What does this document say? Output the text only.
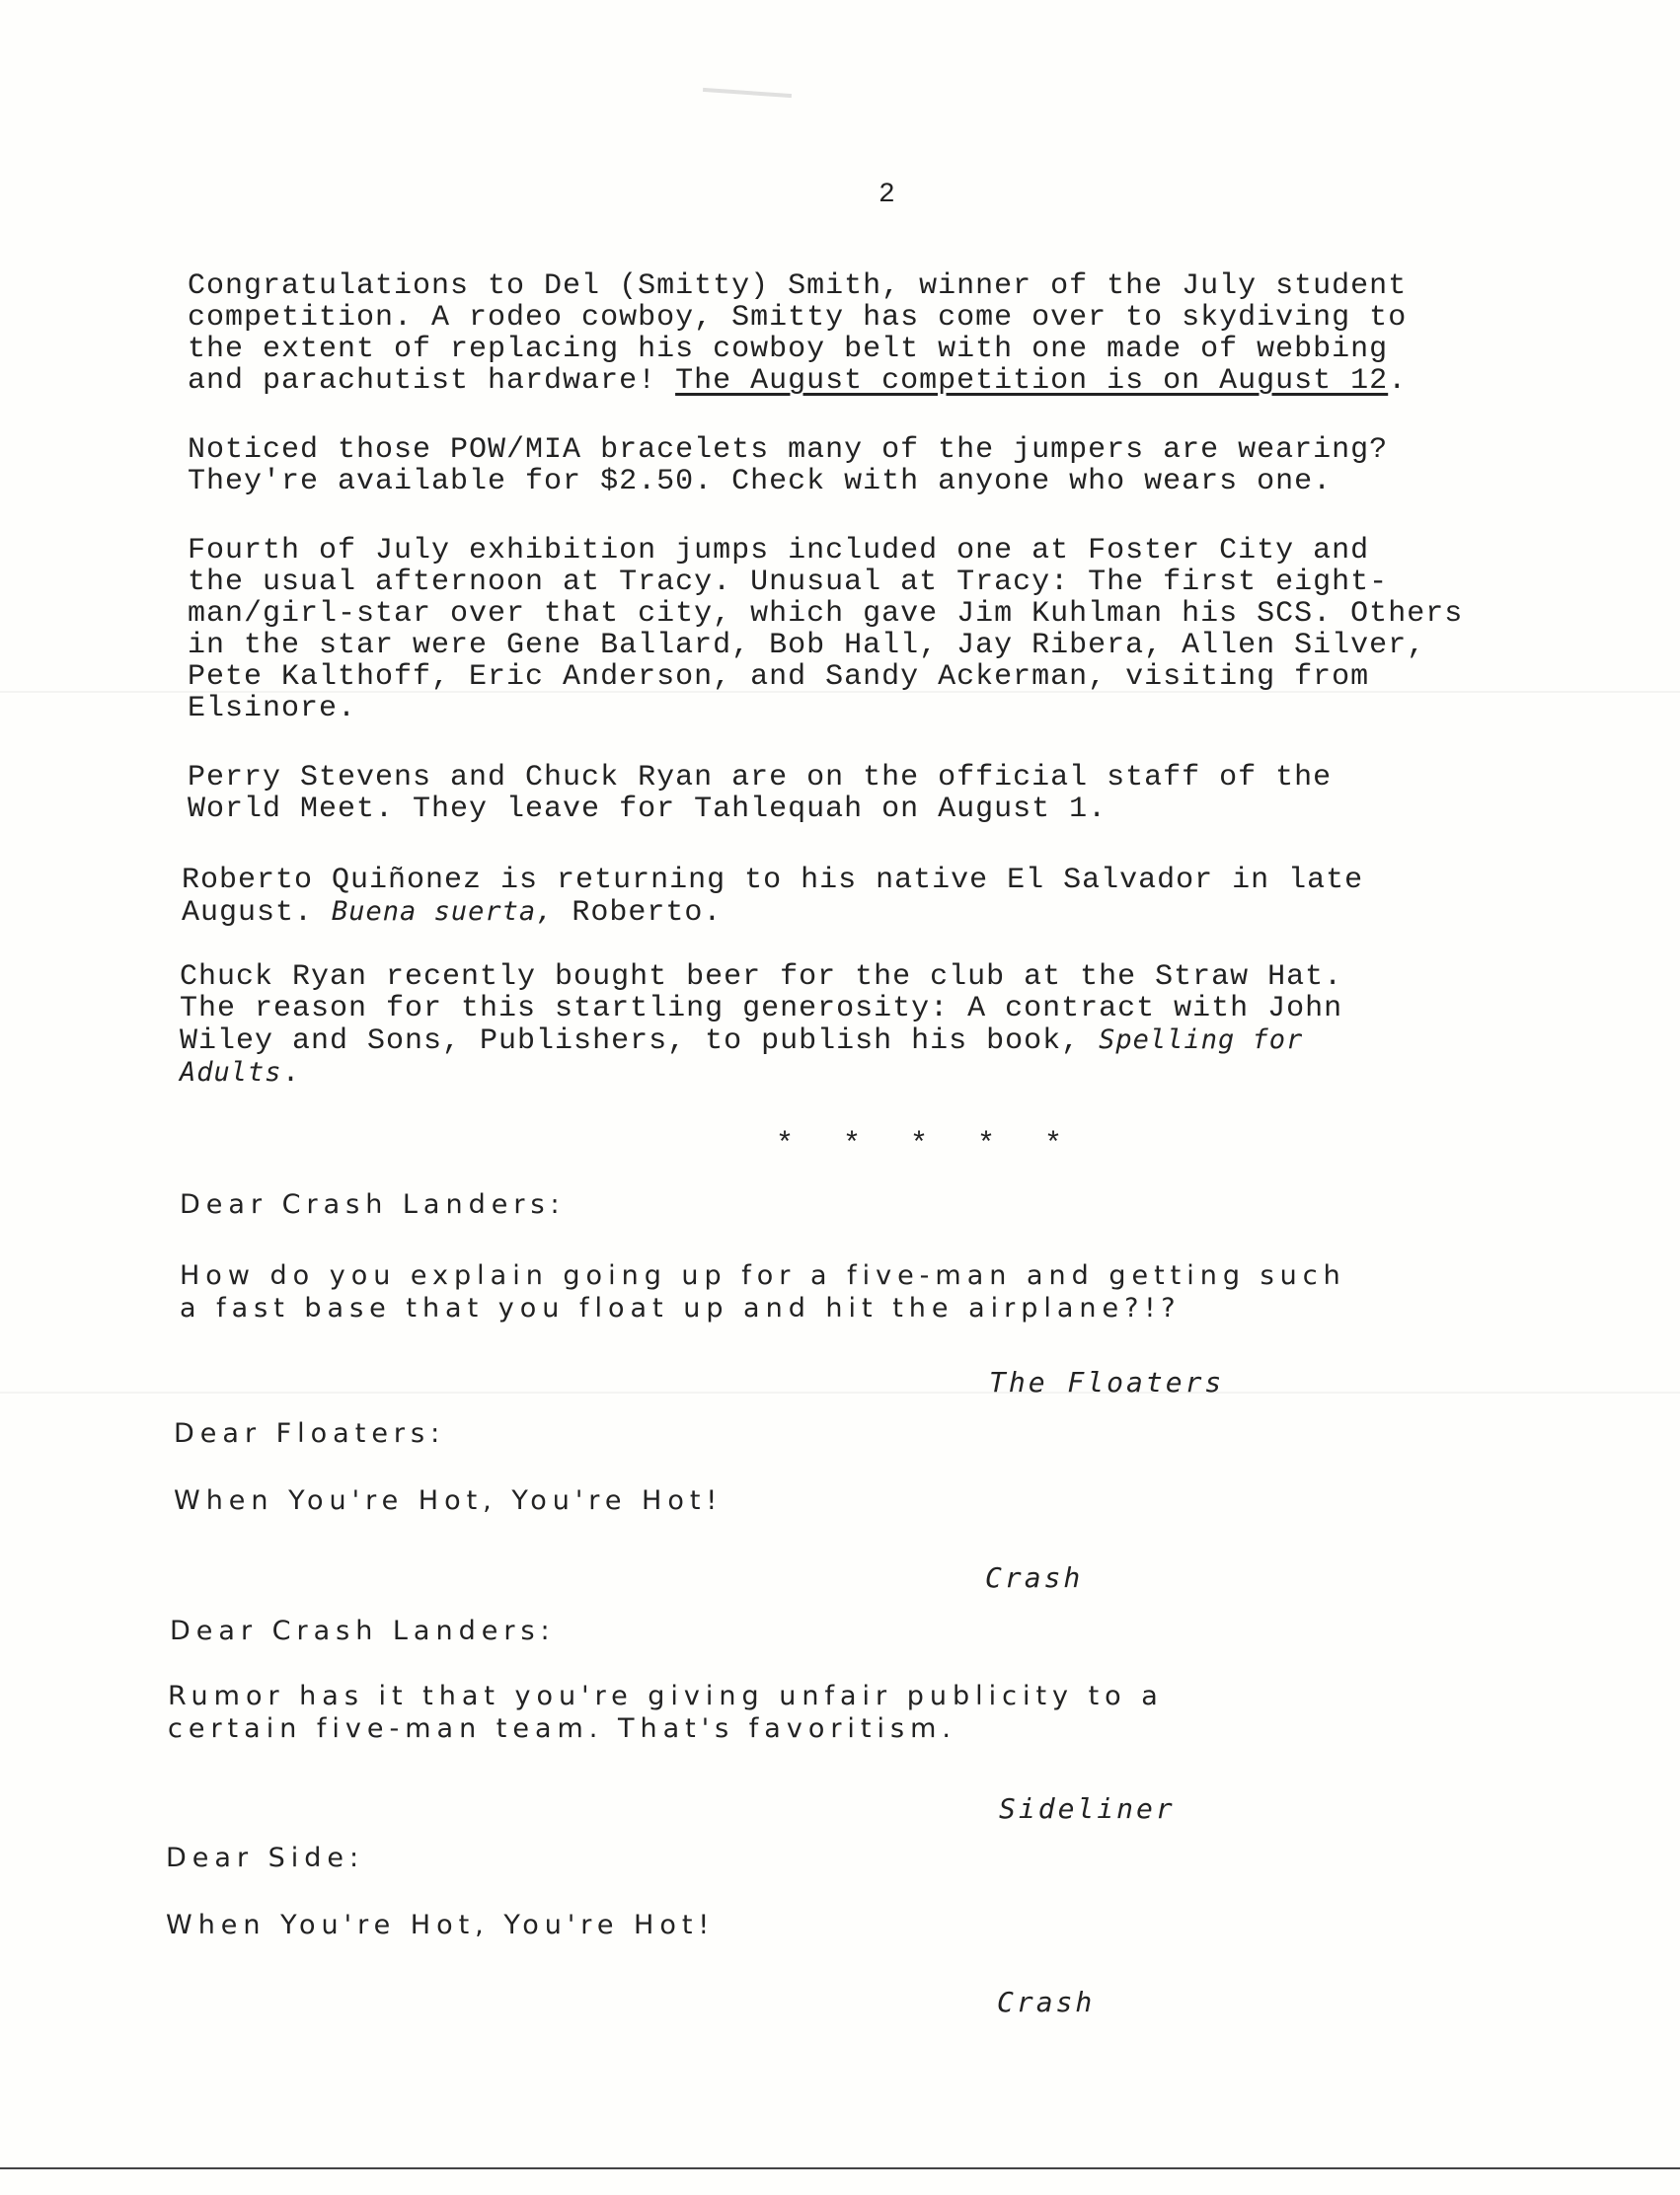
2
Congratulations to Del (Smitty) Smith, winner of the July student
competition. A rodeo cowboy, Smitty has come over to skydiving to
the extent of replacing his cowboy belt with one made of webbing
and parachutist hardware! The August competition is on August 12.
Noticed those POW/MIA bracelets many of the jumpers are wearing?
They're available for $2.50. Check with anyone who wears one.
Fourth of July exhibition jumps included one at Foster City and
the usual afternoon at Tracy. Unusual at Tracy: The first eight-
man/girl-star over that city, which gave Jim Kuhlman his SCS. Others
in the star were Gene Ballard, Bob Hall, Jay Ribera, Allen Silver,
Pete Kalthoff, Eric Anderson, and Sandy Ackerman, visiting from
Elsinore.
Perry Stevens and Chuck Ryan are on the official staff of the
World Meet. They leave for Tahlequah on August 1.
Roberto Quiñonez is returning to his native El Salvador in late
August. Buena suerta, Roberto.
Chuck Ryan recently bought beer for the club at the Straw Hat.
The reason for this startling generosity: A contract with John
Wiley and Sons, Publishers, to publish his book, Spelling for
Adults.
* * * * *
Dear Crash Landers:
How do you explain going up for a five-man and getting such
a fast base that you float up and hit the airplane?!?
The Floaters
Dear Floaters:
When You're Hot, You're Hot!
Crash
Dear Crash Landers:
Rumor has it that you're giving unfair publicity to a
certain five-man team. That's favoritism.
Sideliner
Dear Side:
When You're Hot, You're Hot!
Crash
